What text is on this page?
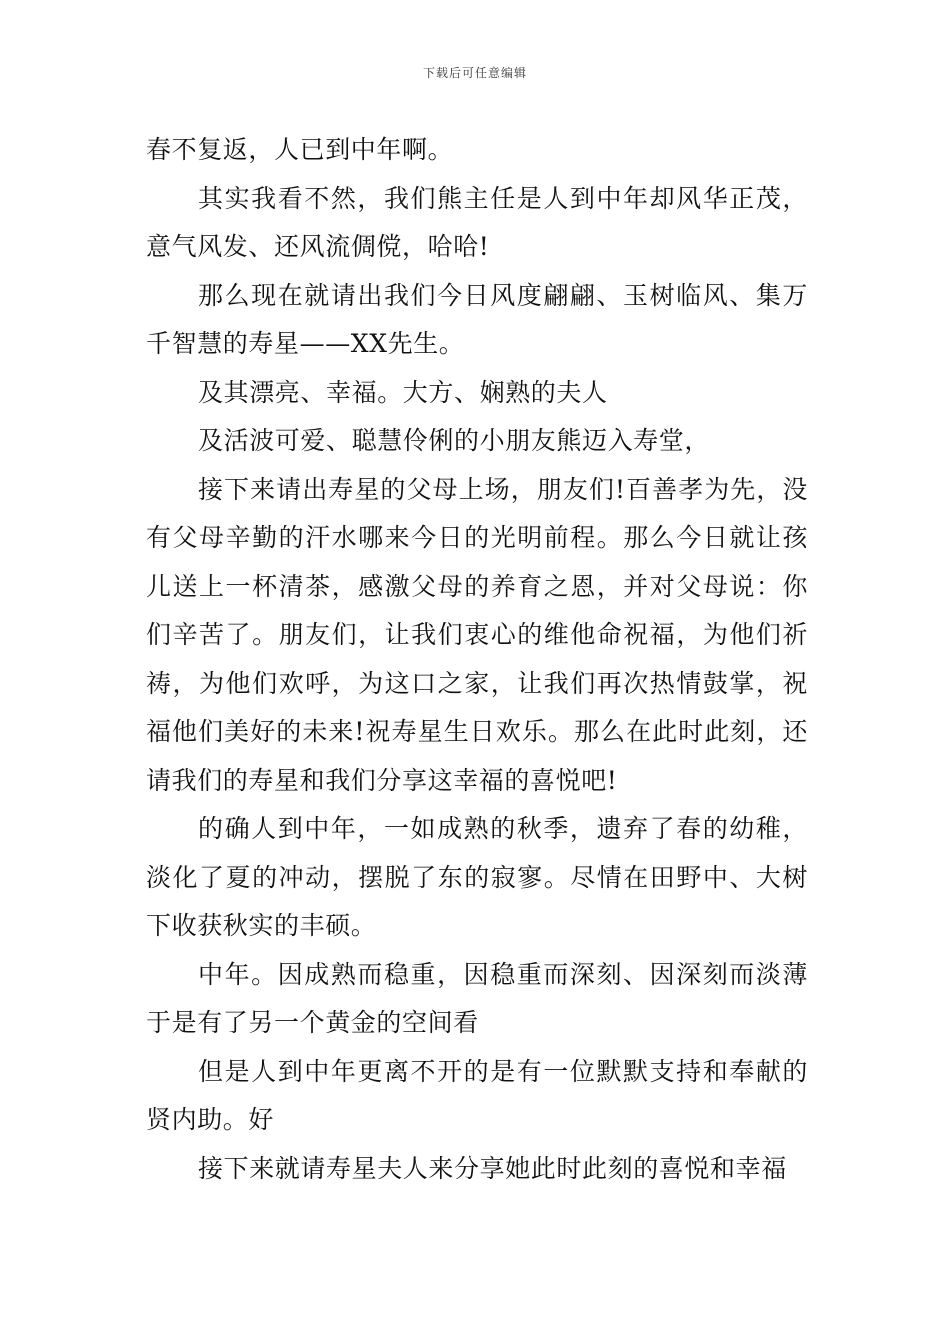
下载后可任意编辑

春不复返，人已到中年啊。

其实我看不然，我们熊主任是人到中年却风华正茂，意气风发、还风流倜傥，哈哈!

那么现在就请出我们今日风度翩翩、玉树临风、集万千智慧的寿星——XX先生。

及其漂亮、幸福。大方、娴熟的夫人

及活波可爱、聪慧伶俐的小朋友熊迈入寿堂，

接下来请出寿星的父母上场，朋友们!百善孝为先，没有父母辛勤的汗水哪来今日的光明前程。那么今日就让孩儿送上一杯清茶，感激父母的养育之恩，并对父母说：你们辛苦了。朋友们，让我们衷心的维他命祝福，为他们祈祷，为他们欢呼，为这口之家，让我们再次热情鼓掌，祝福他们美好的未来!祝寿星生日欢乐。那么在此时此刻，还请我们的寿星和我们分享这幸福的喜悦吧!

的确人到中年，一如成熟的秋季，遗弃了春的幼稚，淡化了夏的冲动，摆脱了东的寂寥。尽情在田野中、大树下收获秋实的丰硕。

中年。因成熟而稳重，因稳重而深刻、因深刻而淡薄于是有了另一个黄金的空间看

但是人到中年更离不开的是有一位默默支持和奉献的贤内助。好

接下来就请寿星夫人来分享她此时此刻的喜悦和幸福
